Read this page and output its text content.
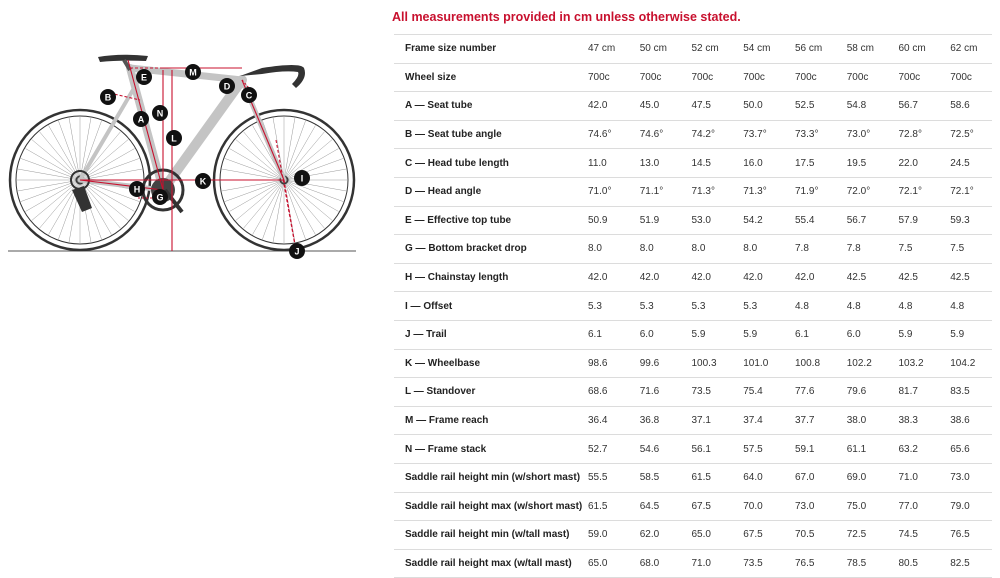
All measurements provided in cm unless otherwise stated.
E	M
B
D
C
A
N
L
K	I
H
G
J
Frame size number	47 cm	50 cm	52 cm	54 cm	56 cm	58 cm	60 cm	62 cm
Wheel size	700c	700c	700c	700c	700c	700c	700c	700c
A — Seat tube	42.0	45.0	47.5	50.0	52.5	54.8	56.7	58.6
B — Seat tube angle	74.6°	74.6°	74.2°	73.7°	73.3°	73.0°	72.8°	72.5°
C — Head tube length	11.0	13.0	14.5	16.0	17.5	19.5	22.0	24.5
D — Head angle	71.0°	71.1°	71.3°	71.3°	71.9°	72.0°	72.1°	72.1°
E — Effective top tube	50.9	51.9	53.0	54.2	55.4	56.7	57.9	59.3
G — Bottom bracket drop	8.0	8.0	8.0	8.0	7.8	7.8	7.5	7.5
H — Chainstay length	42.0	42.0	42.0	42.0	42.0	42.5	42.5	42.5
I — Offset	5.3	5.3	5.3	5.3	4.8	4.8	4.8	4.8
J — Trail	6.1	6.0	5.9	5.9	6.1	6.0	5.9	5.9
K — Wheelbase	98.6	99.6	100.3	101.0	100.8	102.2	103.2	104.2
L — Standover	68.6	71.6	73.5	75.4	77.6	79.6	81.7	83.5
M — Frame reach	36.4	36.8	37.1	37.4	37.7	38.0	38.3	38.6
N — Frame stack	52.7	54.6	56.1	57.5	59.1	61.1	63.2	65.6
Saddle rail height min (w/short mast)	55.5	58.5	61.5	64.0	67.0	69.0	71.0	73.0
Saddle rail height max (w/short mast)	61.5	64.5	67.5	70.0	73.0	75.0	77.0	79.0
Saddle rail height min (w/tall mast)	59.0	62.0	65.0	67.5	70.5	72.5	74.5	76.5
Saddle rail height max (w/tall mast)	65.0	68.0	71.0	73.5	76.5	78.5	80.5	82.5
